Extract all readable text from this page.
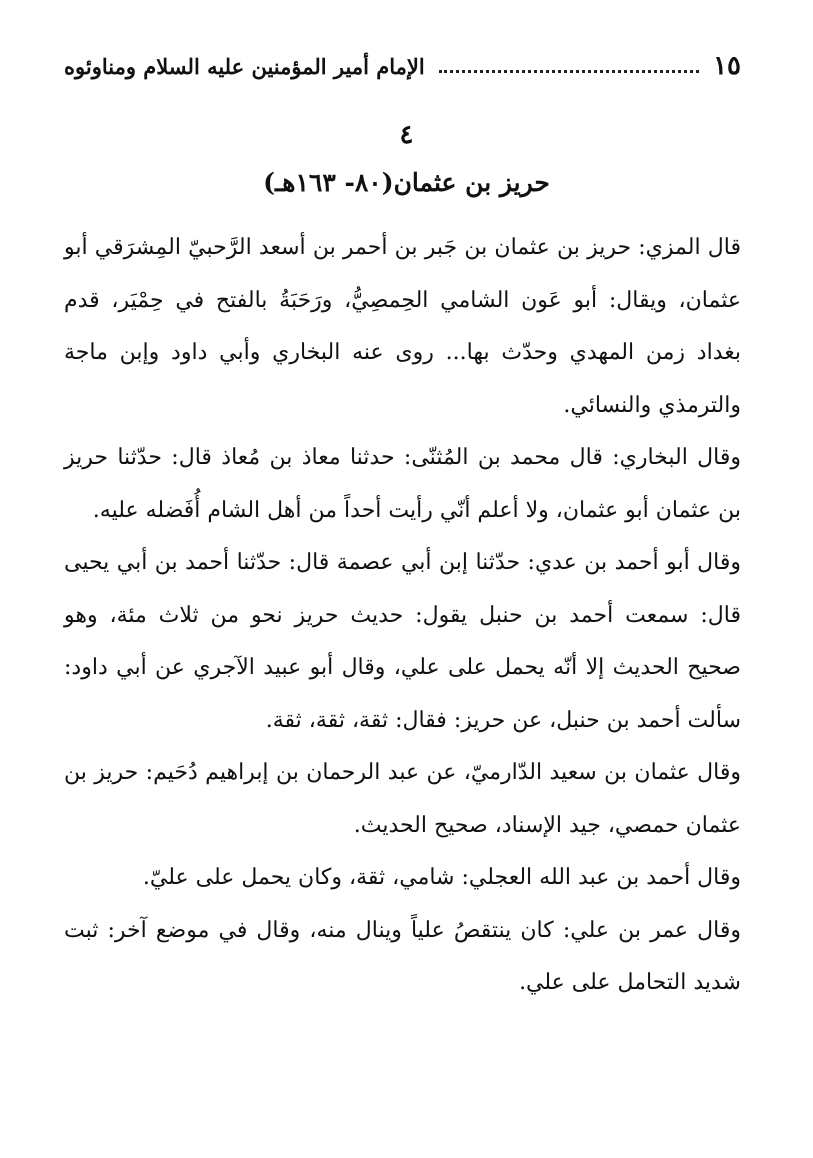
١٥
الإمام أمير المؤمنين عليه السلام ومناوئوه
٤
حريز بن عثمان(٨٠- ١٦٣هـ)

قال المزي: حريز بن عثمان بن جَبر بن أحمر بن أسعد الرَّحبيّ المِشرَقي أبو عثمان، ويقال: أبو عَون الشامي الحِمصِيُّ، ورَحَبَةُ بالفتح في حِمْيَر، قدم بغداد زمن المهدي وحدّث بها... روى عنه البخاري وأبي داود وإبن ماجة والترمذي والنسائي.

وقال البخاري: قال محمد بن المُثنّى: حدثنا معاذ بن مُعاذ قال: حدّثنا حريز بن عثمان أبو عثمان، ولا أعلم أنّي رأيت أحداً من أهل الشام أُفَضله عليه.

وقال أبو أحمد بن عدي: حدّثنا إبن أبي عصمة قال: حدّثنا أحمد بن أبي يحيى قال: سمعت أحمد بن حنبل يقول: حديث حريز نحو من ثلاث مئة، وهو صحيح الحديث إلا أنّه يحمل على علي، وقال أبو عبيد الآجري عن أبي داود: سألت أحمد بن حنبل، عن حريز: فقال: ثقة، ثقة، ثقة.

وقال عثمان بن سعيد الدّارميّ، عن عبد الرحمان بن إبراهيم دُحَيم: حريز بن عثمان حمصي، جيد الإسناد، صحيح الحديث.

وقال أحمد بن عبد الله العجلي: شامي، ثقة، وكان يحمل على عليّ.

وقال عمر بن علي: كان ينتقصُ علياً وينال منه، وقال في موضع آخر: ثبت شديد التحامل على علي.
